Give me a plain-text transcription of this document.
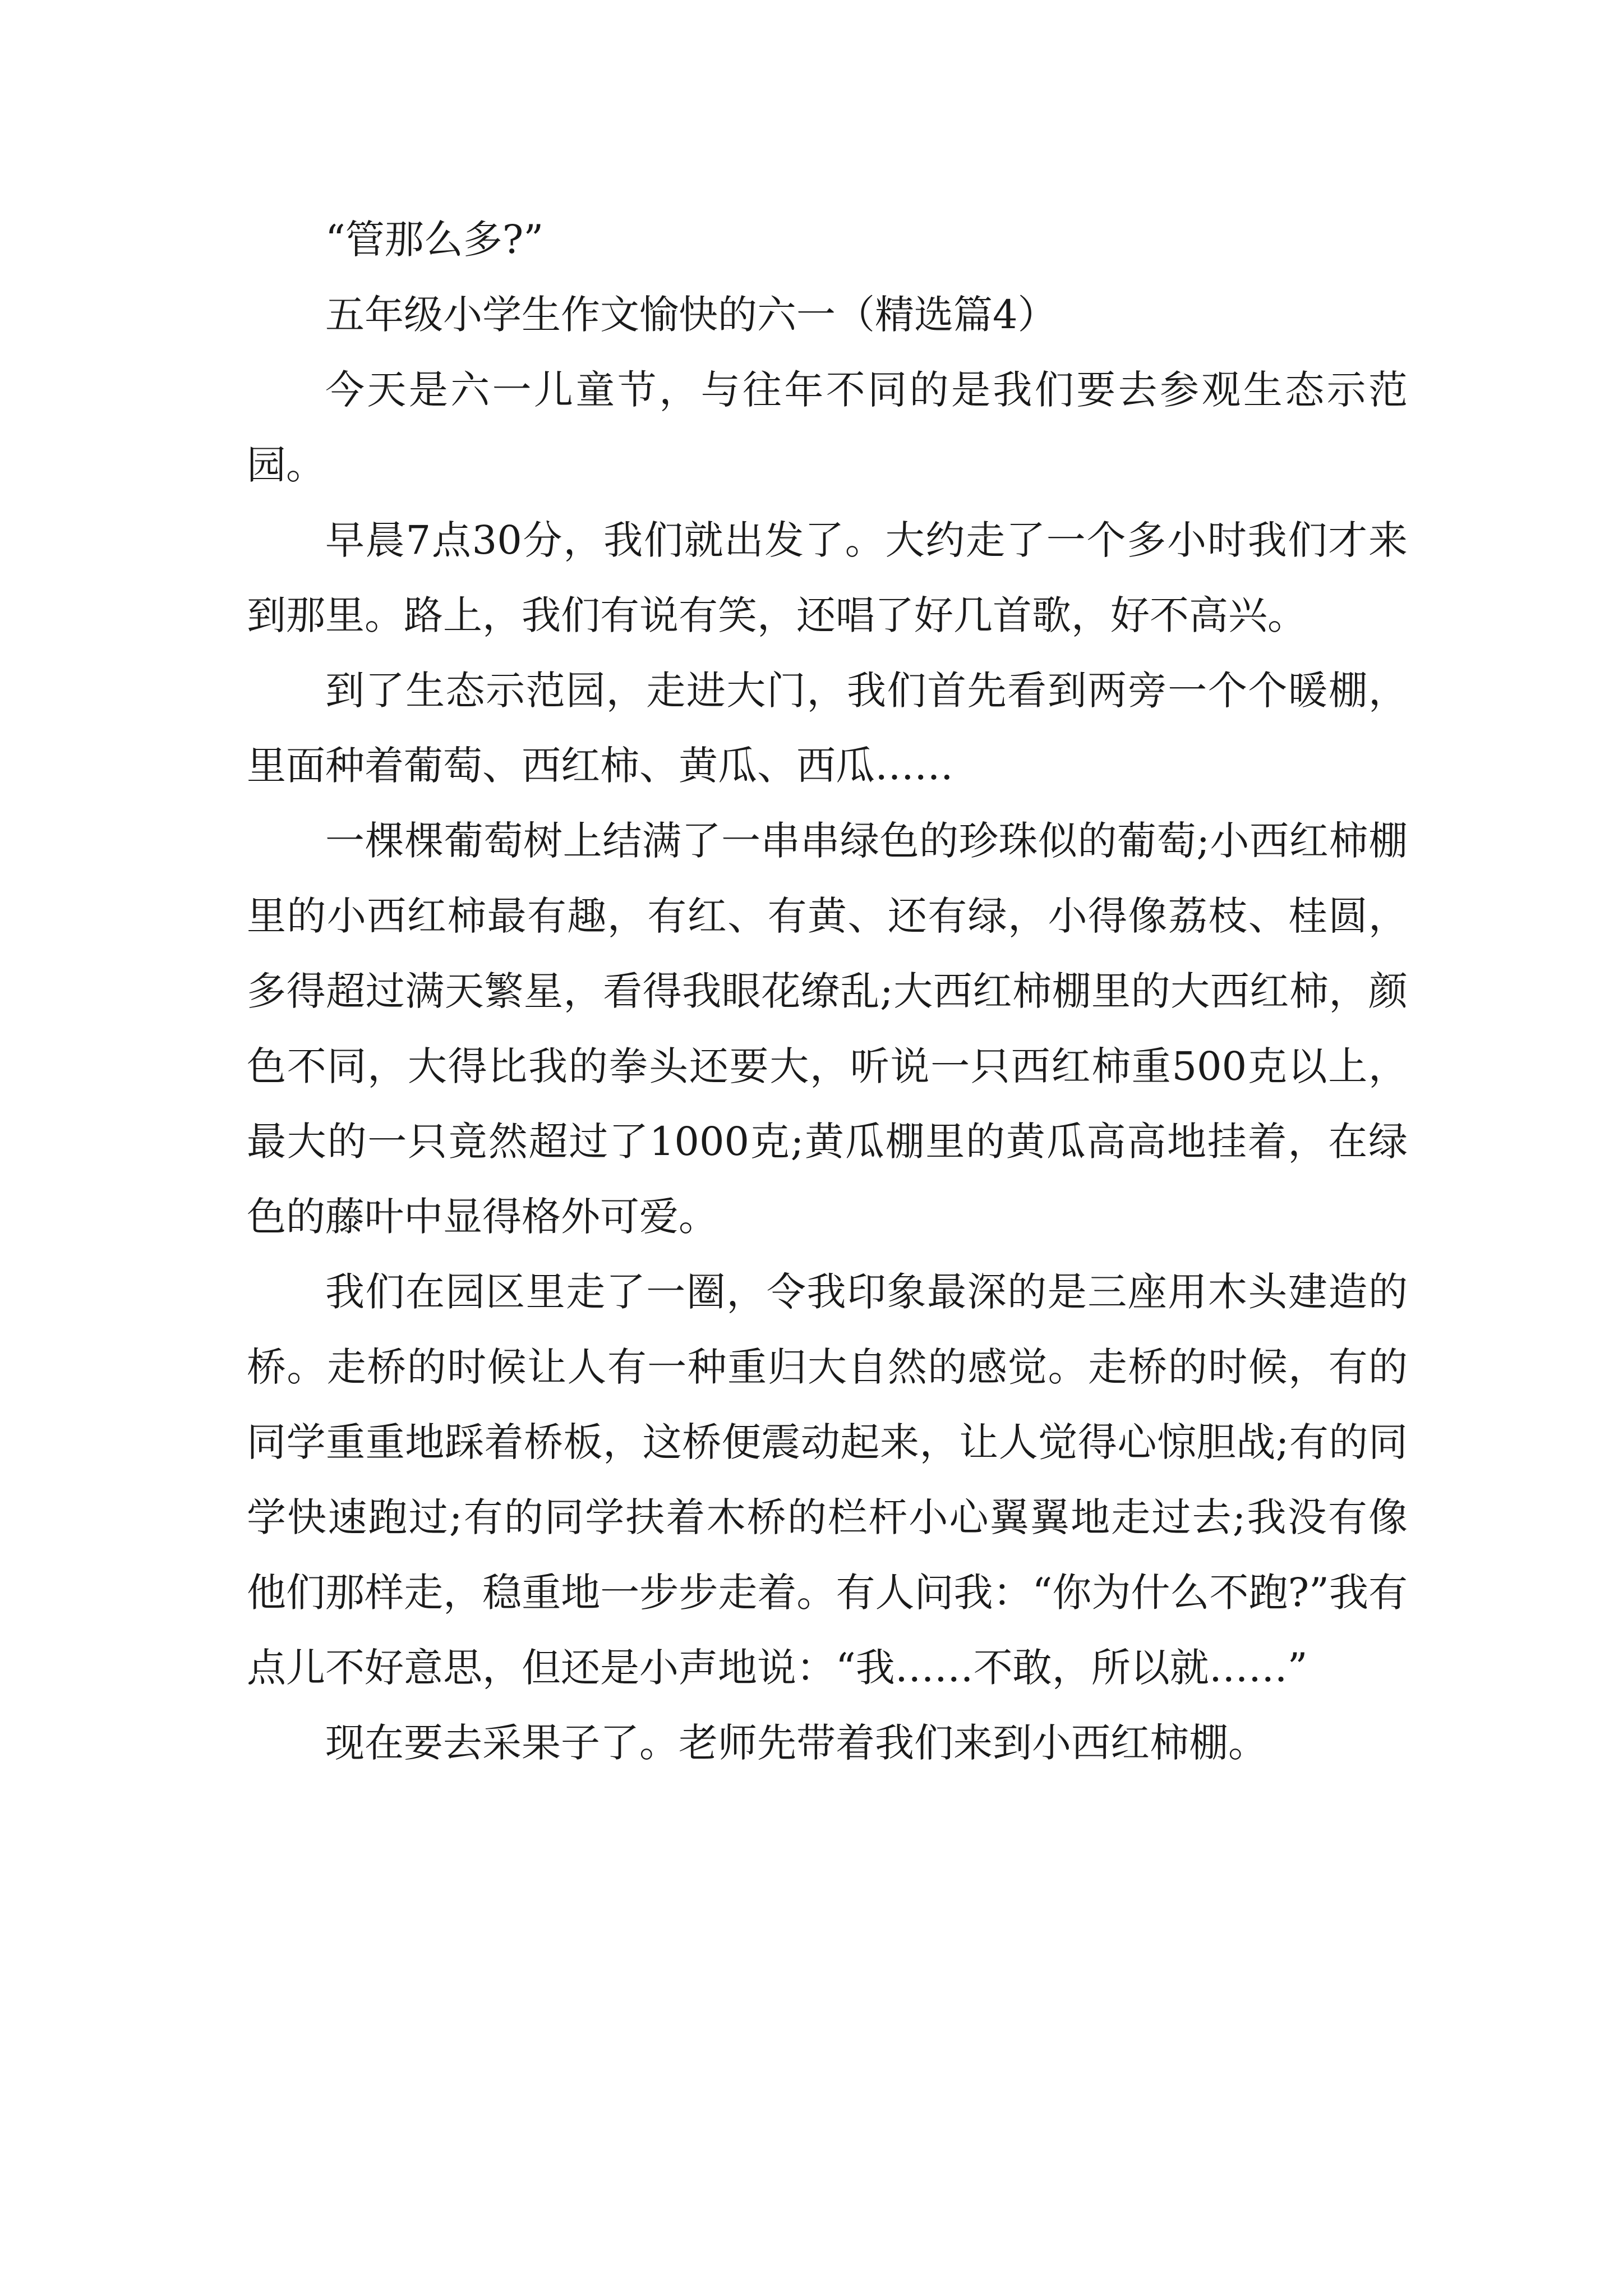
“管那么多?”

五年级小学生作文愉快的六一（精选篇4）

今天是六一儿童节，与往年不同的是我们要去参观生态示范园。

早晨7点30分，我们就出发了。大约走了一个多小时我们才来到那里。路上，我们有说有笑，还唱了好几首歌，好不高兴。

到了生态示范园，走进大门，我们首先看到两旁一个个暖棚，里面种着葡萄、西红柿、黄瓜、西瓜……

一棵棵葡萄树上结满了一串串绿色的珍珠似的葡萄;小西红柿棚里的小西红柿最有趣，有红、有黄、还有绿，小得像荔枝、桂圆，多得超过满天繁星，看得我眼花缭乱;大西红柿棚里的大西红柿，颜色不同，大得比我的拳头还要大，听说一只西红柿重500克以上，最大的一只竟然超过了1000克;黄瓜棚里的黄瓜高高地挂着，在绿色的藤叶中显得格外可爱。

我们在园区里走了一圈，令我印象最深的是三座用木头建造的桥。走桥的时候让人有一种重归大自然的感觉。走桥的时候，有的同学重重地踩着桥板，这桥便震动起来，让人觉得心惊胆战;有的同学快速跑过;有的同学扶着木桥的栏杆小心翼翼地走过去;我没有像他们那样走，稳重地一步步走着。有人问我：“你为什么不跑?”我有点儿不好意思，但还是小声地说：“我……不敢，所以就……”

现在要去采果子了。老师先带着我们来到小西红柿棚。
